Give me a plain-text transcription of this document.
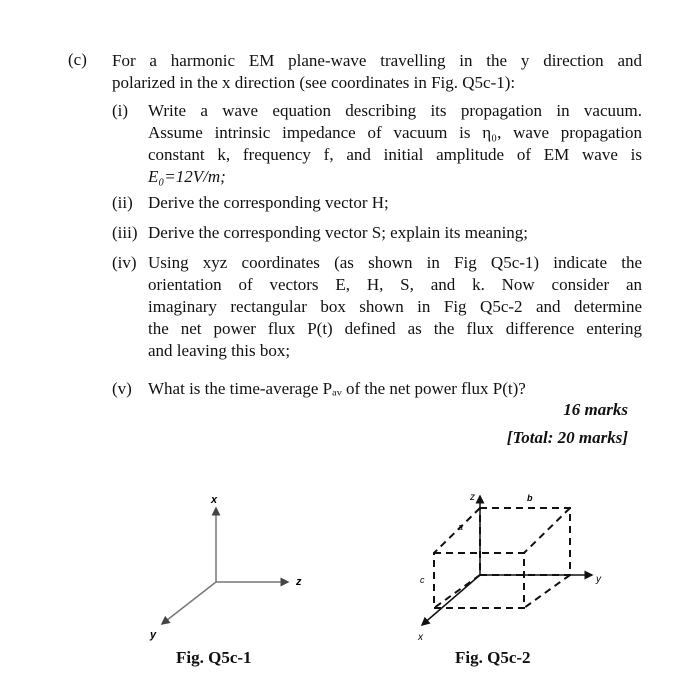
(c) For a harmonic EM plane-wave travelling in the y direction and
polarized in the x direction (see coordinates in Fig. Q5c-1):
(i) Write a wave equation describing its propagation in vacuum.
Assume intrinsic impedance of vacuum is η₀, wave propagation
constant k, frequency f, and initial amplitude of EM wave is
E₀=12V/m;
(ii) Derive the corresponding vector H;
(iii) Derive the corresponding vector S; explain its meaning;
(iv) Using xyz coordinates (as shown in Fig Q5c-1) indicate the
orientation of vectors E, H, S, and k. Now consider an
imaginary rectangular box shown in Fig Q5c-2 and determine
the net power flux P(t) defined as the flux difference entering
and leaving this box;
(v) What is the time-average Pₐᵥ of the net power flux P(t)?
16 marks
[Total: 20 marks]
x
z
y
Fig. Q5c-1
z
y
x
a
b
c
Fig. Q5c-2
